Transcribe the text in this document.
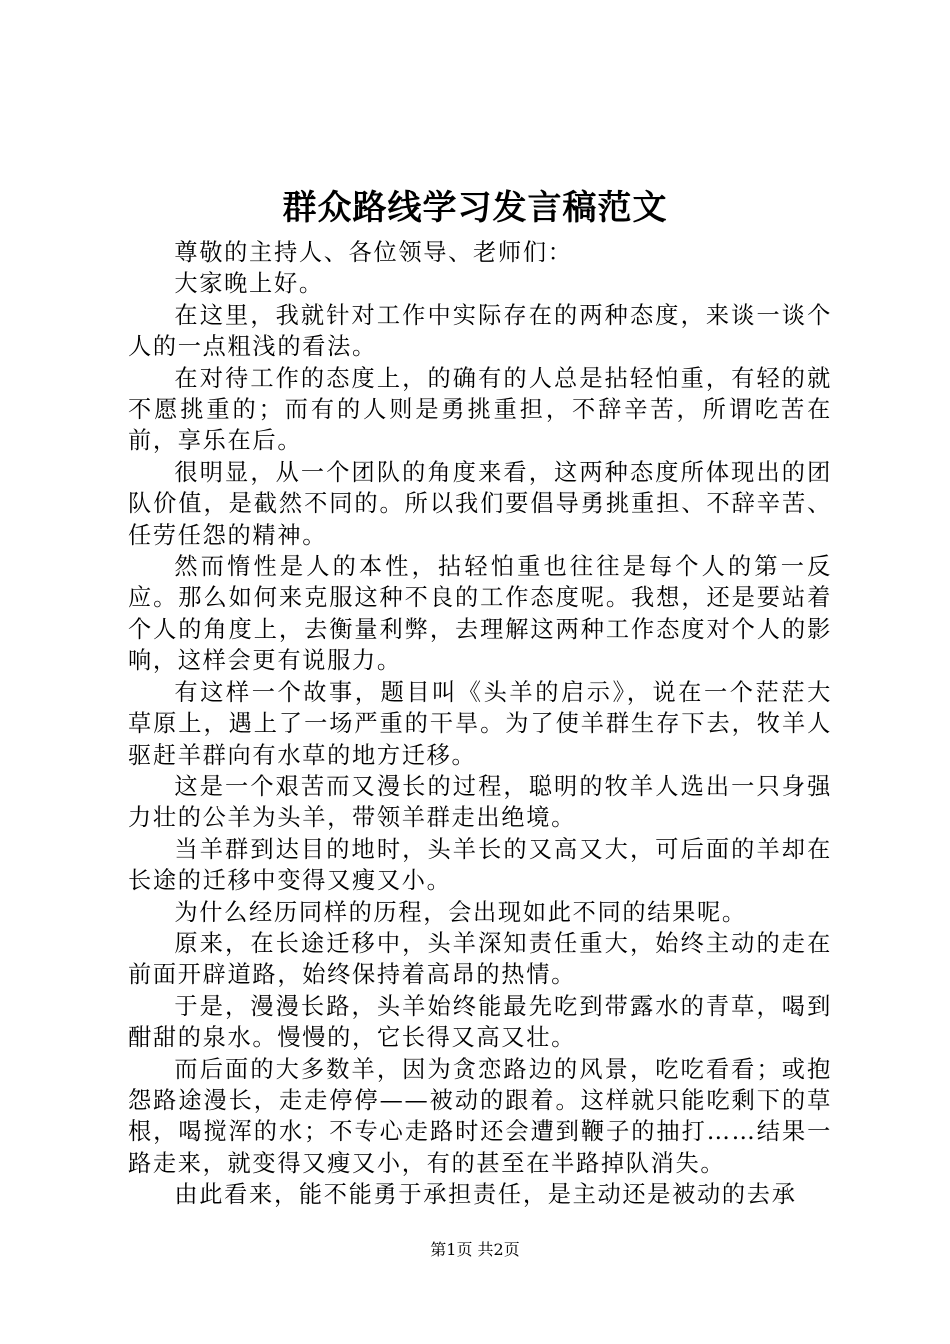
群众路线学习发言稿范文

尊敬的主持人、各位领导、老师们：

大家晚上好。

在这里，我就针对工作中实际存在的两种态度，来谈一谈个人的一点粗浅的看法。

在对待工作的态度上，的确有的人总是拈轻怕重，有轻的就不愿挑重的；而有的人则是勇挑重担，不辞辛苦，所谓吃苦在前，享乐在后。

很明显，从一个团队的角度来看，这两种态度所体现出的团队价值，是截然不同的。所以我们要倡导勇挑重担、不辞辛苦、任劳任怨的精神。

然而惰性是人的本性，拈轻怕重也往往是每个人的第一反应。那么如何来克服这种不良的工作态度呢。我想，还是要站着个人的角度上，去衡量利弊，去理解这两种工作态度对个人的影响，这样会更有说服力。

有这样一个故事，题目叫《头羊的启示》，说在一个茫茫大草原上，遇上了一场严重的干旱。为了使羊群生存下去，牧羊人驱赶羊群向有水草的地方迁移。

这是一个艰苦而又漫长的过程，聪明的牧羊人选出一只身强力壮的公羊为头羊，带领羊群走出绝境。

当羊群到达目的地时，头羊长的又高又大，可后面的羊却在长途的迁移中变得又瘦又小。

为什么经历同样的历程，会出现如此不同的结果呢。

原来，在长途迁移中，头羊深知责任重大，始终主动的走在前面开辟道路，始终保持着高昂的热情。

于是，漫漫长路，头羊始终能最先吃到带露水的青草，喝到酣甜的泉水。慢慢的，它长得又高又壮。

而后面的大多数羊，因为贪恋路边的风景，吃吃看看；或抱怨路途漫长，走走停停——被动的跟着。这样就只能吃剩下的草根，喝搅浑的水；不专心走路时还会遭到鞭子的抽打……结果一路走来，就变得又瘦又小，有的甚至在半路掉队消失。

由此看来，能不能勇于承担责任，是主动还是被动的去承

第1页 共2页
